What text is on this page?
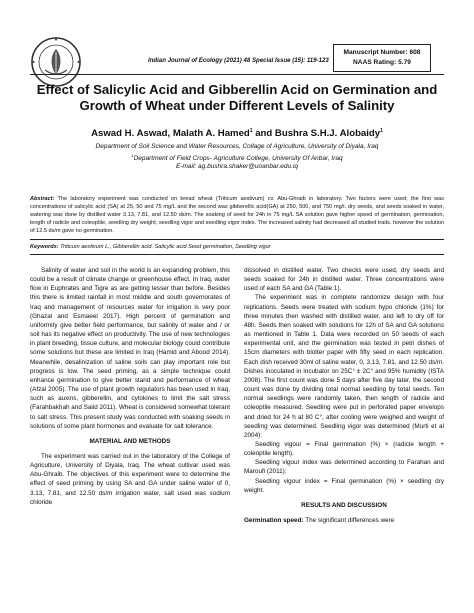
Indian Journal of Ecology (2021) 48 Special Issue (15): 119-123
Manuscript Number: 608
NAAS Rating: 5.79
Effect of Salicylic Acid and Gibberellin Acid on Germination and Growth of Wheat under Different Levels of Salinity
Aswad H. Aswad, Malath A. Hamed$^1$ and Bushra S.H.J. Alobaidy$^1$
Department of Soil Science and Water Resources, Collage of Agriculture, University of Diyala, Iraq
$^1$Department of Field Crops- Agriculture College, University Of Anbar, Iraq
E-mail: ag.bushra.shaker@uoanbar.edu.iq
Abstract: The laboratory experiment was conducted on bread wheat (Triticum aestivum) cv. Abu-Ghraib in laboratory. Two factors were used; the first was concentrations of salicylic acid (SA) at 25, 50 and 75 mg/L and the second was gibberellic acid(GA) at 250, 500, and 750 mg/l. dry seeds, and seeds soaked in water, watering was done by distilled water 3.13, 7.81, and 12.50 ds/m. The soaking of seed for 24h in 75 mg/L SA solution gave higher speed of germination, germination, length of radicle and coleoptile, seedling dry weight, seedling vigor and seedling vigor index. The increased salinity had decreased all studied traits. however the solution of 12.5 ds/m gave no germination.
Keywords: Triticum aestivum L., Gibberellin acid, Salicylic acid Seed germination, Seedling vigor

Salinity of water and soil in the world is an expanding problem, this could be a result of climate change or greenhouse effect. In Iraq, water flow in Euphrates and Tigre as are getting lesser than before. Besides this there is limited rainfall in most middle and south governorates of Iraq and management of resources water for irrigation is very poor (Ghazal and Esmaeel 2017). High percent of germination and uniformity give better field performance, but salinity of water and / or soil has its negative effect on productivity. The use of new technologies in plant breeding, tissue culture, and molecular biology could contribute some solutions but these are limited in Iraq (Hamid and Abood 2014). Meanwhile, desalinization of saline soils can play important role but progress is low. The seed priming, as a simple technique could enhance germination to give better stand and performance of wheat (Afzal 2005). The use of plant growth regulators has been used in Iraq, such as auxins, gibberellin, and cytokines to limit the salt stress (Farahbakhah and Saiid 2011). Wheat is considered somewhat tolerant to salt stress. This present study was conducted with soaking seeds in solutions of some plant hormones and evaluate for salt tolerance.

MATERIAL AND METHODS

The experiment was carried out in the laboratory of the College of Agriculture, University of Diyala, Iraq. The wheat cultivar used was Abu-Ghraib. The objectives of this experiment were to determine the effect of seed priming by using SA and GA under saline water of 0, 3.13, 7.81, and 12.50 ds/m irrigation water, salt used was sodium chloride

dissolved in distilled water. Two checks were used, dry seeds and seeds soaked for 24h in distilled water. Three concentrations were used of each SA and GA (Table 1).

The experiment was in complete randomize design with four replications. Seeds were treated with sodium hypo chloride (1%) for three minutes then washed with distilled water, and left to dry off for 48h. Seeds then soaked with solutions for 12h of SA and GA solutions as mentioned in Table 1. Data were recorded on 50 seeds of each experimental unit, and the germination was tested in petri dishes of 15cm diameters with blotter paper with fifty seed in each replication. Each dish received 30ml of saline water, 0, 3.13, 7.81, and 12.50 ds/m. Dishes inoculated in incubator on 25C° ± 2C° and 95% humidity (ISTA 2008). The first count was done 5 days after five day later, the second count was done by dividing total normal seedling by total seeds. Ten normal seedlings were randomly taken, then length of radicle and coleoptile measured. Seedling were put in perforated paper envelops and dried for 24 h at 80 C°, after cooling were weighed and weight of seedling was determined. Seedling vigor was determined (Murti et al 2004):

Seedling vigour = Final germination (%) × (radicle length + coleoptile length).

Seedling vigour index was determined according to Farahan and Maroufi (2011):

Seedling vigour index = Final germination (%) × seedling dry weight.

RESULTS AND DISCUSSION

Germination speed: The significant differences were
